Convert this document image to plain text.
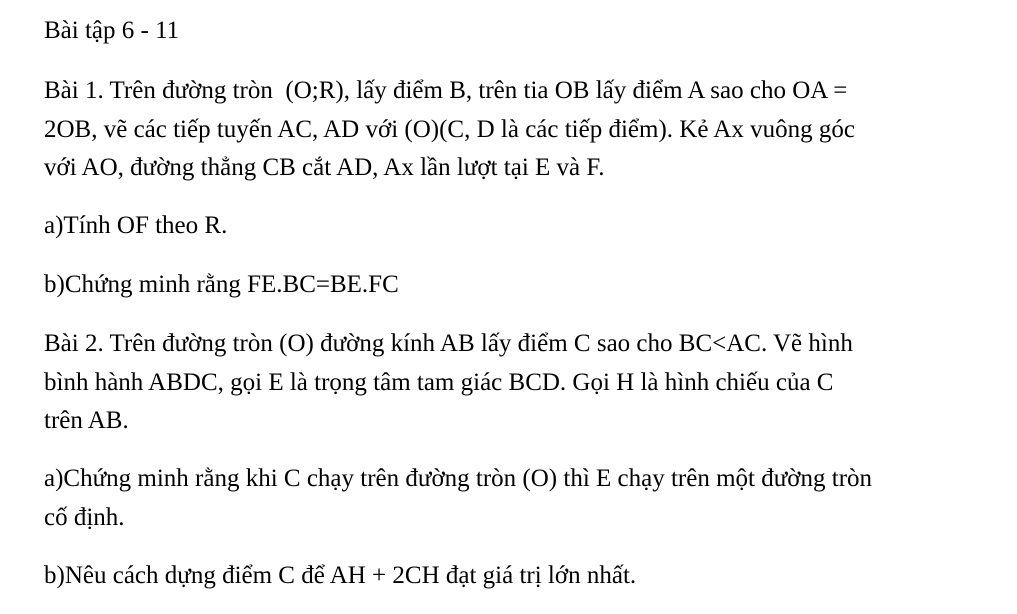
Bài tập 6 - 11
Bài 1. Trên đường tròn  (O;R), lấy điểm B, trên tia OB lấy điểm A sao cho OA =
2OB, vẽ các tiếp tuyến AC, AD với (O)(C, D là các tiếp điểm). Kẻ Ax vuông góc
với AO, đường thẳng CB cắt AD, Ax lần lượt tại E và F.
a)Tính OF theo R.
b)Chứng minh rằng FE.BC=BE.FC
Bài 2. Trên đường tròn (O) đường kính AB lấy điểm C sao cho BC<AC. Vẽ hình
bình hành ABDC, gọi E là trọng tâm tam giác BCD. Gọi H là hình chiếu của C
trên AB.
a)Chứng minh rằng khi C chạy trên đường tròn (O) thì E chạy trên một đường tròn
cố định.
b)Nêu cách dựng điểm C để AH + 2CH đạt giá trị lớn nhất.
